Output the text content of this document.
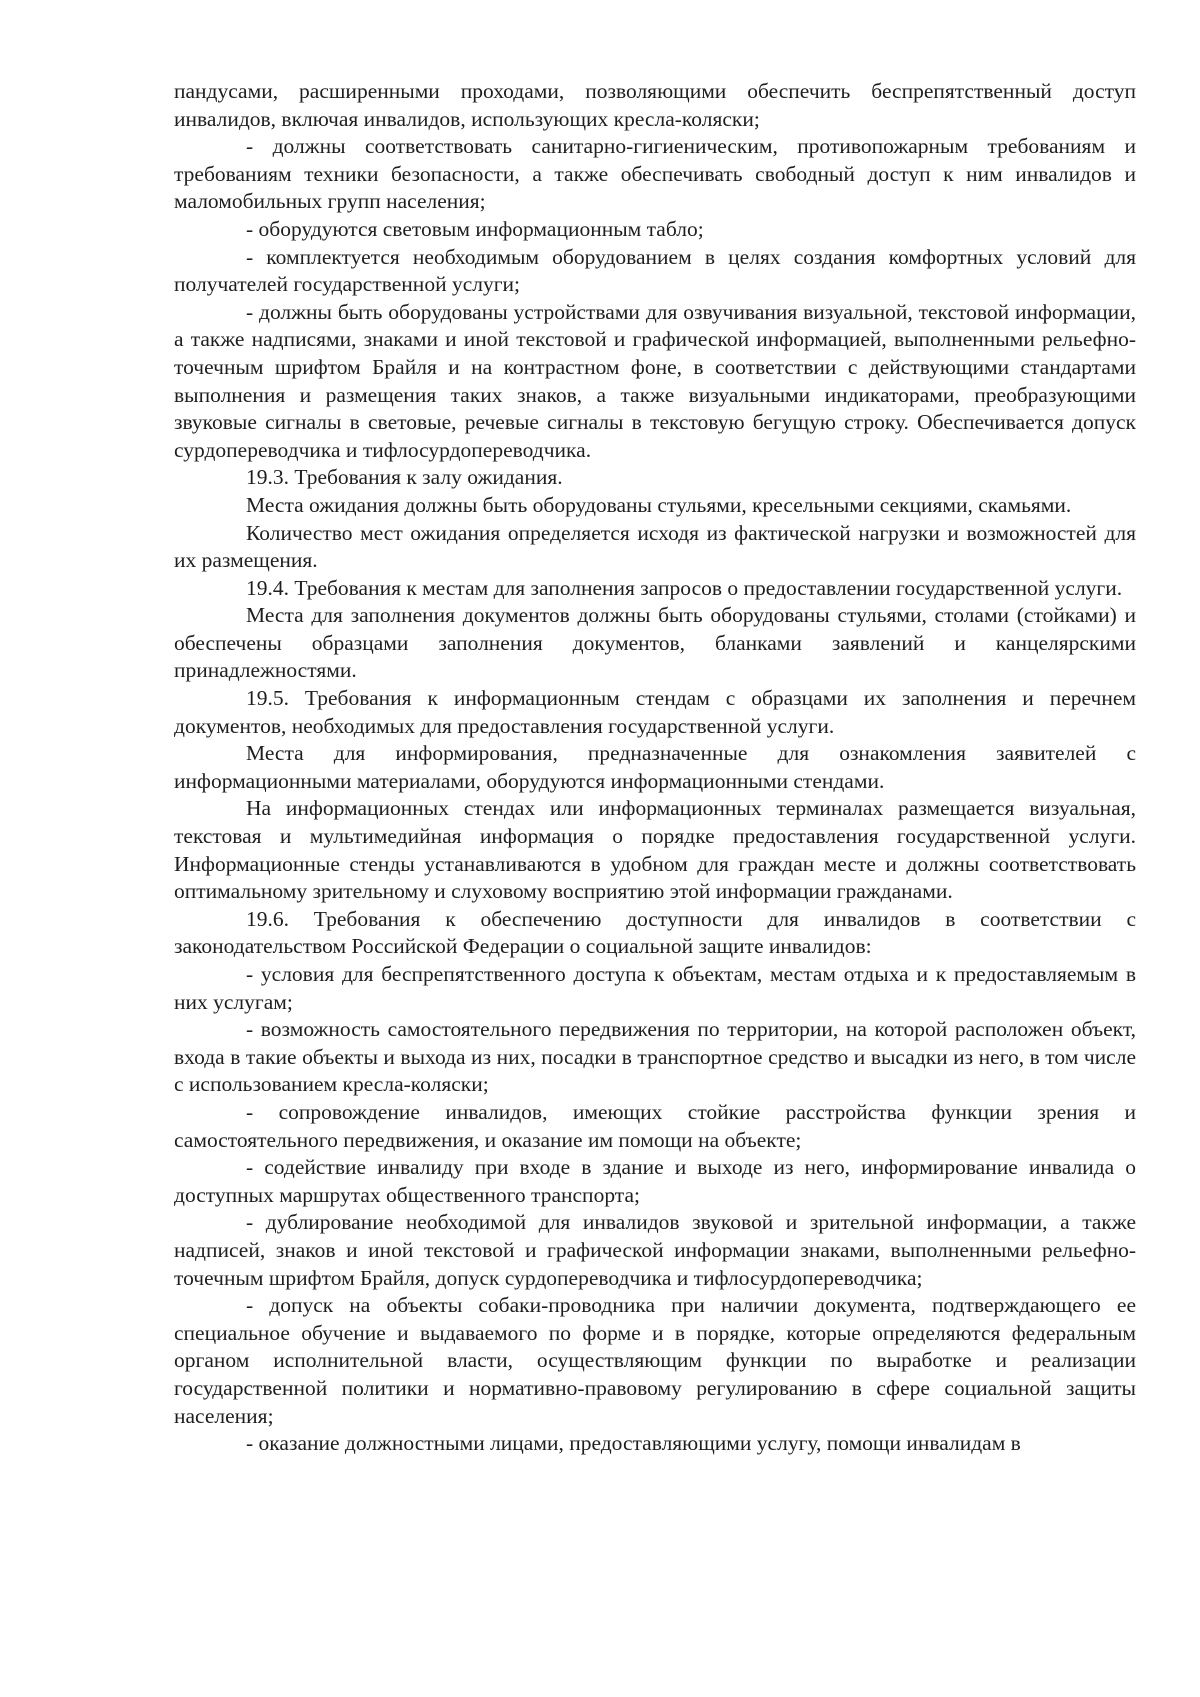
пандусами, расширенными проходами, позволяющими обеспечить беспрепятственный доступ инвалидов, включая инвалидов, использующих кресла-коляски;

- должны соответствовать санитарно-гигиеническим, противопожарным требованиям и требованиям техники безопасности, а также обеспечивать свободный доступ к ним инвалидов и маломобильных групп населения;

- оборудуются световым информационным табло;

- комплектуется необходимым оборудованием в целях создания комфортных условий для получателей государственной услуги;

- должны быть оборудованы устройствами для озвучивания визуальной, текстовой информации, а также надписями, знаками и иной текстовой и графической информацией, выполненными рельефно-точечным шрифтом Брайля и на контрастном фоне, в соответствии с действующими стандартами выполнения и размещения таких знаков, а также визуальными индикаторами, преобразующими звуковые сигналы в световые, речевые сигналы в текстовую бегущую строку. Обеспечивается допуск сурдопереводчика и тифлосурдопереводчика.

19.3. Требования к залу ожидания.

Места ожидания должны быть оборудованы стульями, кресельными секциями, скамьями.

Количество мест ожидания определяется исходя из фактической нагрузки и возможностей для их размещения.

19.4. Требования к местам для заполнения запросов о предоставлении государственной услуги.

Места для заполнения документов должны быть оборудованы стульями, столами (стойками) и обеспечены образцами заполнения документов, бланками заявлений и канцелярскими принадлежностями.

19.5. Требования к информационным стендам с образцами их заполнения и перечнем документов, необходимых для предоставления государственной услуги.

Места для информирования, предназначенные для ознакомления заявителей с информационными материалами, оборудуются информационными стендами.

На информационных стендах или информационных терминалах размещается визуальная, текстовая и мультимедийная информация о порядке предоставления государственной услуги. Информационные стенды устанавливаются в удобном для граждан месте и должны соответствовать оптимальному зрительному и слуховому восприятию этой информации гражданами.

19.6. Требования к обеспечению доступности для инвалидов в соответствии с законодательством Российской Федерации о социальной защите инвалидов:

- условия для беспрепятственного доступа к объектам, местам отдыха и к предоставляемым в них услугам;

- возможность самостоятельного передвижения по территории, на которой расположен объект, входа в такие объекты и выхода из них, посадки в транспортное средство и высадки из него, в том числе с использованием кресла-коляски;

- сопровождение инвалидов, имеющих стойкие расстройства функции зрения и самостоятельного передвижения, и оказание им помощи на объекте;

- содействие инвалиду при входе в здание и выходе из него, информирование инвалида о доступных маршрутах общественного транспорта;

- дублирование необходимой для инвалидов звуковой и зрительной информации, а также надписей, знаков и иной текстовой и графической информации знаками, выполненными рельефно-точечным шрифтом Брайля, допуск сурдопереводчика и тифлосурдопереводчика;

- допуск на объекты собаки-проводника при наличии документа, подтверждающего ее специальное обучение и выдаваемого по форме и в порядке, которые определяются федеральным органом исполнительной власти, осуществляющим функции по выработке и реализации государственной политики и нормативно-правовому регулированию в сфере социальной защиты населения;

- оказание должностными лицами, предоставляющими услугу, помощи инвалидам в
